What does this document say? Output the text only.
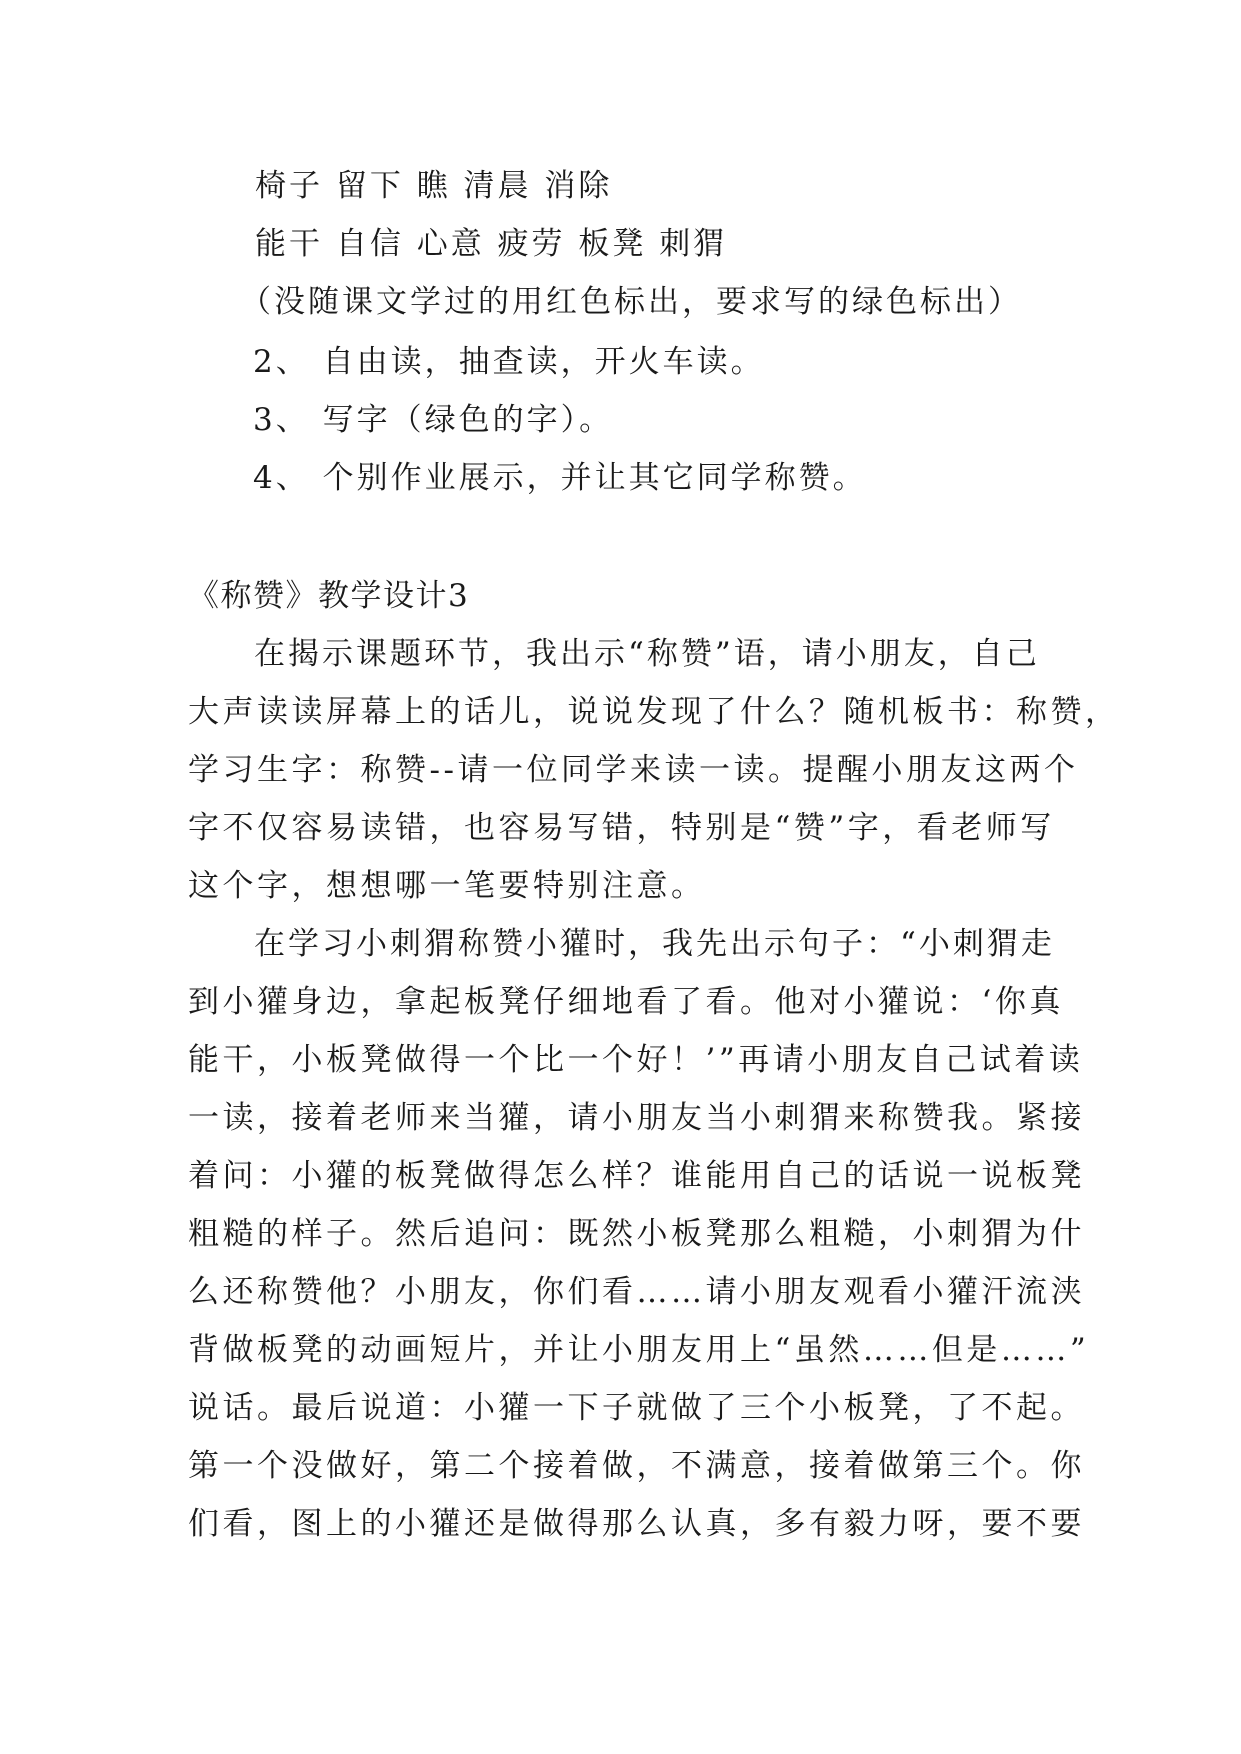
椅子 留下 瞧 清晨 消除
能干 自信 心意 疲劳 板凳 刺猬
（没随课文学过的用红色标出，要求写的绿色标出）
2、 自由读，抽查读，开火车读。
3、 写字（绿色的字）。
4、 个别作业展示，并让其它同学称赞。
《称赞》教学设计3
在揭示课题环节，我出示“称赞”语，请小朋友，自己
大声读读屏幕上的话儿，说说发现了什么？随机板书：称赞，
学习生字：称赞--请一位同学来读一读。提醒小朋友这两个
字不仅容易读错，也容易写错，特别是“赞”字，看老师写
这个字，想想哪一笔要特别注意。
在学习小刺猬称赞小獾时，我先出示句子：“小刺猬走
到小獾身边，拿起板凳仔细地看了看。他对小獾说：‘你真
能干，小板凳做得一个比一个好！’”再请小朋友自己试着读
一读，接着老师来当獾，请小朋友当小刺猬来称赞我。紧接
着问：小獾的板凳做得怎么样？谁能用自己的话说一说板凳
粗糙的样子。然后追问：既然小板凳那么粗糙，小刺猬为什
么还称赞他？小朋友，你们看……请小朋友观看小獾汗流浃
背做板凳的动画短片，并让小朋友用上“虽然……但是……”
说话。最后说道：小獾一下子就做了三个小板凳，了不起。
第一个没做好，第二个接着做，不满意，接着做第三个。你
们看，图上的小獾还是做得那么认真，多有毅力呀，要不要
